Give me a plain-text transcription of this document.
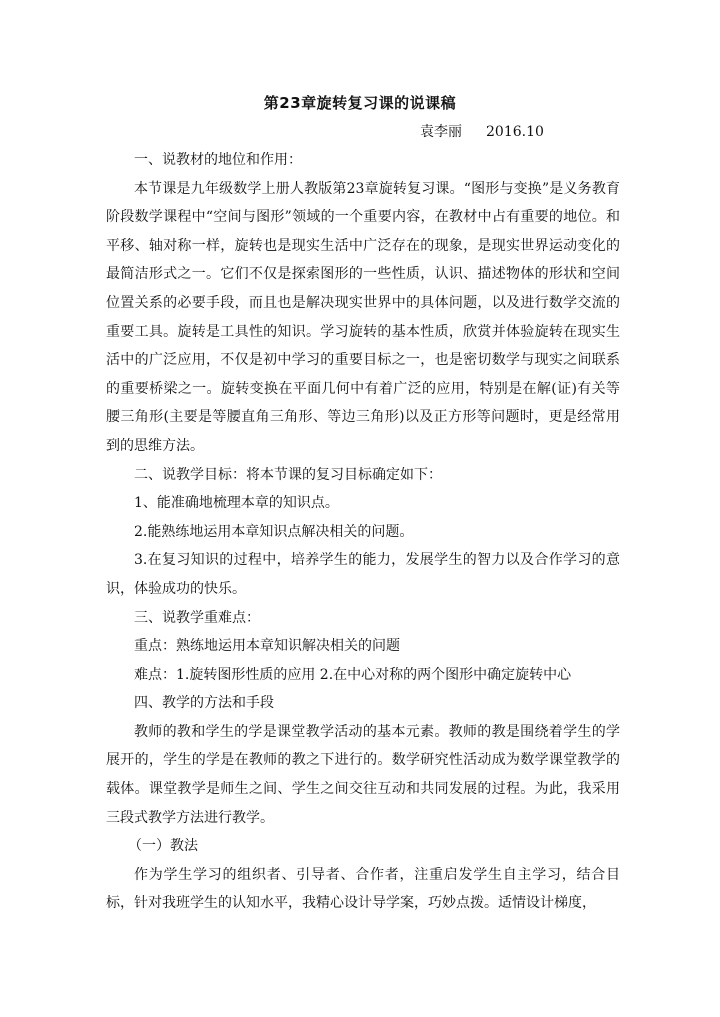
第23章旋转复习课的说课稿
袁李丽 2016.10

一、说教材的地位和作用：

本节课是九年级数学上册人教版第23章旋转复习课。“图形与变换”是义务教育阶段数学课程中“空间与图形”领域的一个重要内容，在教材中占有重要的地位。和平移、轴对称一样，旋转也是现实生活中广泛存在的现象，是现实世界运动变化的最简洁形式之一。它们不仅是探索图形的一些性质，认识、描述物体的形状和空间位置关系的必要手段，而且也是解决现实世界中的具体问题，以及进行数学交流的重要工具。旋转是工具性的知识。学习旋转的基本性质，欣赏并体验旋转在现实生活中的广泛应用，不仅是初中学习的重要目标之一，也是密切数学与现实之间联系的重要桥梁之一。旋转变换在平面几何中有着广泛的应用，特别是在解(证)有关等腰三角形(主要是等腰直角三角形、等边三角形)以及正方形等问题时，更是经常用到的思维方法。

二、说教学目标：将本节课的复习目标确定如下：

1、能准确地梳理本章的知识点。

2.能熟练地运用本章知识点解决相关的问题。

3.在复习知识的过程中，培养学生的能力，发展学生的智力以及合作学习的意识，体验成功的快乐。

三、说教学重难点：

重点：熟练地运用本章知识解决相关的问题

难点：1.旋转图形性质的应用 2.在中心对称的两个图形中确定旋转中心

四、教学的方法和手段

教师的教和学生的学是课堂教学活动的基本元素。教师的教是围绕着学生的学展开的，学生的学是在教师的教之下进行的。数学研究性活动成为数学课堂教学的载体。课堂教学是师生之间、学生之间交往互动和共同发展的过程。为此，我采用三段式教学方法进行教学。

（一）教法

作为学生学习的组织者、引导者、合作者，注重启发学生自主学习，结合目标，针对我班学生的认知水平，我精心设计导学案，巧妙点拨。适情设计梯度，
